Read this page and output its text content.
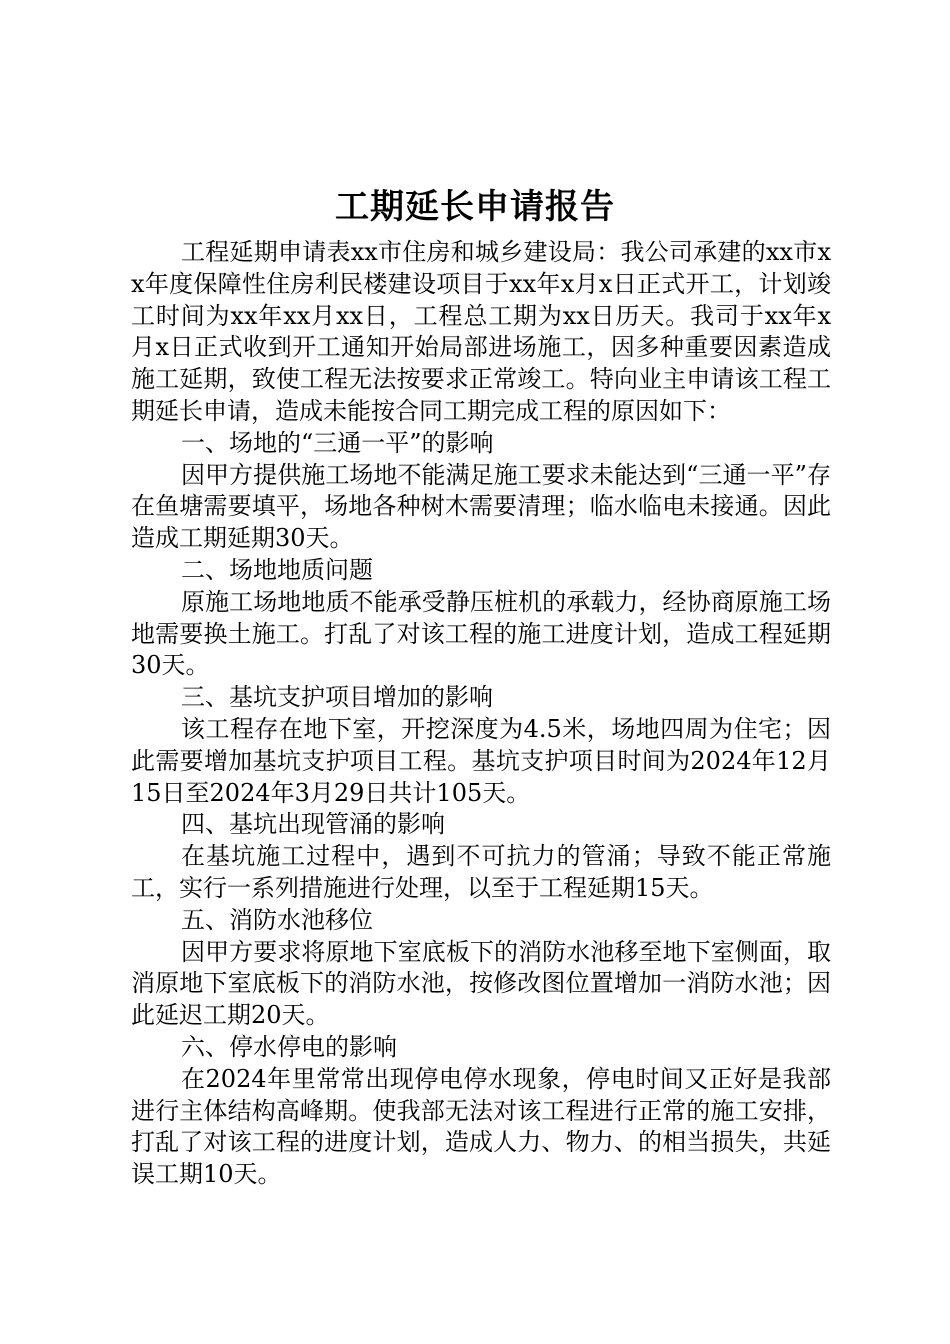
工期延长申请报告

工程延期申请表xx市住房和城乡建设局：我公司承建的xx市xx年度保障性住房利民楼建设项目于xx年x月x日正式开工，计划竣工时间为xx年xx月xx日，工程总工期为xx日历天。我司于xx年x月x日正式收到开工通知开始局部进场施工，因多种重要因素造成施工延期，致使工程无法按要求正常竣工。特向业主申请该工程工期延长申请，造成未能按合同工期完成工程的原因如下：

一、场地的“三通一平”的影响

因甲方提供施工场地不能满足施工要求未能达到“三通一平”存在鱼塘需要填平，场地各种树木需要清理；临水临电未接通。因此造成工期延期30天。

二、场地地质问题

原施工场地地质不能承受静压桩机的承载力，经协商原施工场地需要换土施工。打乱了对该工程的施工进度计划，造成工程延期30天。

三、基坑支护项目增加的影响

该工程存在地下室，开挖深度为4.5米，场地四周为住宅；因此需要增加基坑支护项目工程。基坑支护项目时间为2024年12月15日至2024年3月29日共计105天。

四、基坑出现管涌的影响

在基坑施工过程中，遇到不可抗力的管涌；导致不能正常施工，实行一系列措施进行处理，以至于工程延期15天。

五、消防水池移位

因甲方要求将原地下室底板下的消防水池移至地下室侧面，取消原地下室底板下的消防水池，按修改图位置增加一消防水池；因此延迟工期20天。

六、停水停电的影响

在2024年里常常出现停电停水现象，停电时间又正好是我部进行主体结构高峰期。使我部无法对该工程进行正常的施工安排，打乱了对该工程的进度计划，造成人力、物力、的相当损失，共延误工期10天。
